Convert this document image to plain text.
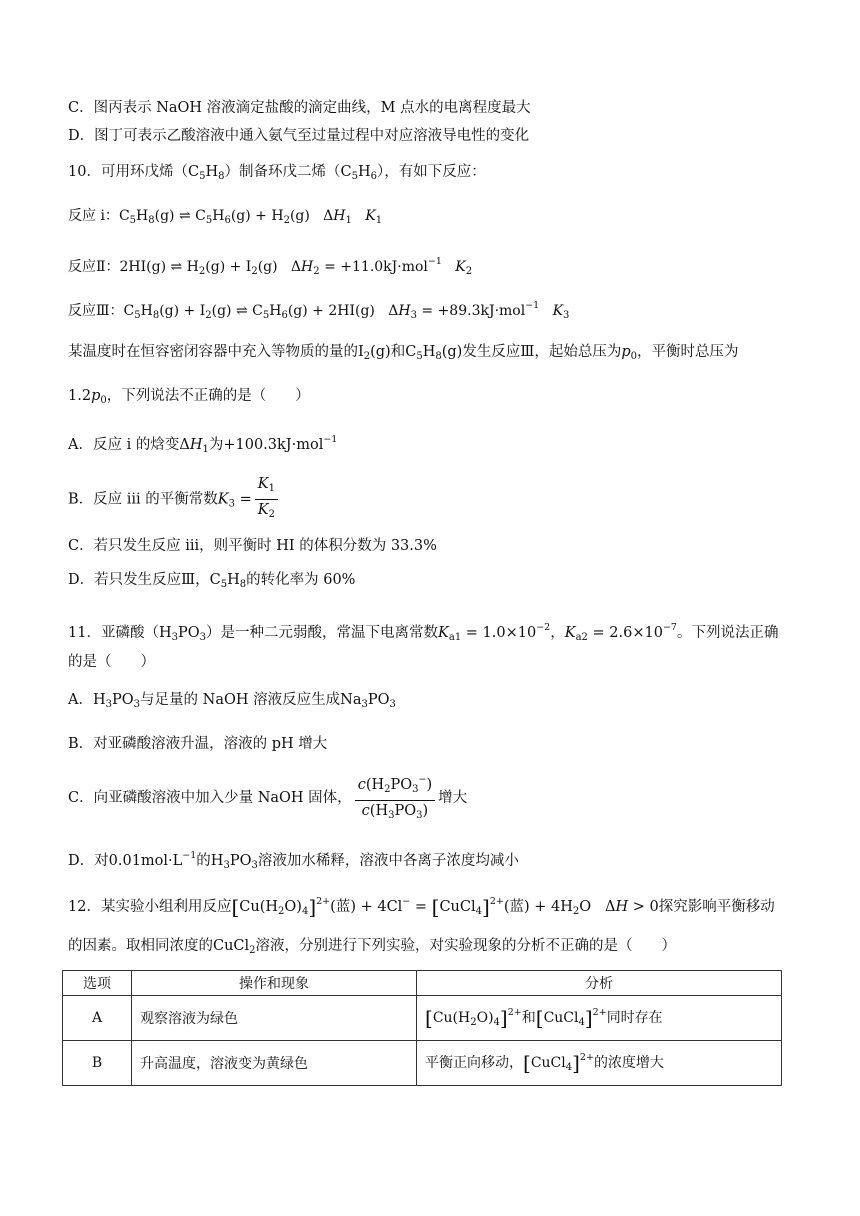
C．图丙表示 NaOH 溶液滴定盐酸的滴定曲线，M 点水的电离程度最大
D．图丁可表示乙酸溶液中通入氨气至过量过程中对应溶液导电性的变化
10．可用环戊烯$(C_5H_8)$制备环戊二烯$(C_5H_6)$，有如下反应：
反应 i：$C_5H_8(g)$ ⇌ $C_5H_6(g) + H_2(g)$   $\Delta H_1$ $K_1$
反应Ⅱ：2HI(g) ⇌ $H_2(g) + I_2(g) \Delta H_2 = +11.0kJ\cdot mol^{-1}$ $K_2$
反应Ⅲ：$C_5H_8(g) + I_2(g)$ ⇌ $C_5H_6(g) + 2HI(g) \Delta H_3 = +89.3kJ\cdot mol^{-1}$ $K_3$
某温度时在恒容密闭容器中充入等物质的量的$I_2(g)$和$C_5H_8(g)$发生反应Ⅲ，起始总压为$p_0$，平衡时总压为
$1.2p_0$，下列说法不正确的是（　　）
A．反应 i 的焓变$\Delta H_1$为+100.3kJ·mol$^{-1}$
B．反应 iii 的平衡常数$K_3 = \frac{K_1}{K_2}$
C．若只发生反应 iii，则平衡时 HI 的体积分数为 33.3%
D．若只发生反应Ⅲ，$C_5H_8$的转化率为 60%
11．亚磷酸$(H_3PO_3)$是一种二元弱酸，常温下电离常数$K_{a1} = 1.0\times 10^{-2}$，$K_{a2} = 2.6\times 10^{-7}$。下列说法正确
的是（　　）
A．$H_3PO_3$与足量的 NaOH 溶液反应生成$Na_3PO_3$
B．对亚磷酸溶液升温，溶液的 pH 增大
C．向亚磷酸溶液中加入少量 NaOH 固体， $\frac{c(H_2PO_3^-)}{c(H_3PO_3)}$ 增大
D．对$0.01mol\cdot L^{-1}$的$H_3PO_3$溶液加水稀释，溶液中各离子浓度均减小
12．某实验小组利用反应$[Cu(H_2O)_4]^{2+}$(蓝) + 4Cl− = [CuCl$_4$]$^{2+}$(蓝) + $4H_2O$   ΔH > 0探究影响平衡移动
的因素。取相同浓度的CuCl$_2$溶液，分别进行下列实验，对实验现象的分析不正确的是（　　）
选项	操作和现象	分析
A	观察溶液为绿色	$[Cu(H_2O)_4]^{2+}$和[CuCl$_4$]$^{2+}$同时存在
B	升高温度，溶液变为黄绿色	平衡正向移动，[CuCl$_4$]$^{2+}$的浓度增大
